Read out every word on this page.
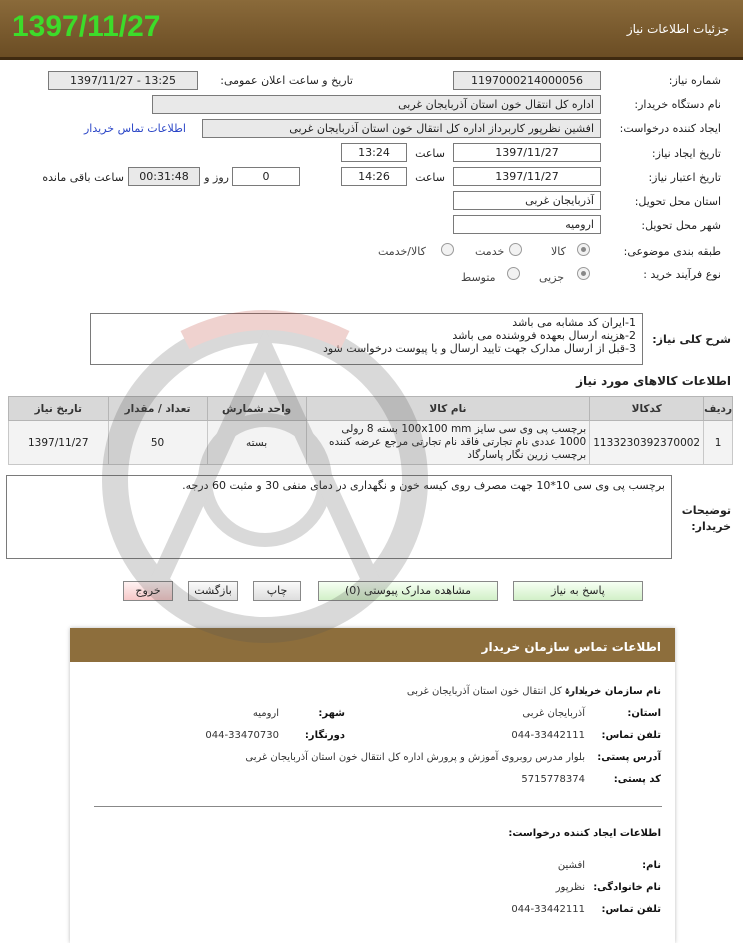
1397/11/27	جزئیات اطلاعات نیاز
شماره نیاز:
1197000214000056
تاریخ و ساعت اعلان عمومی:
1397/11/27 - 13:25
نام دستگاه خریدار:
اداره کل انتقال خون استان آذربایجان غربی
ایجاد کننده درخواست:
افشین نظرپور کاربرداز اداره کل انتقال خون استان آذربایجان غربی
اطلاعات تماس خریدار
تاریخ ایجاد نیاز:
1397/11/27
ساعت
13:24
تاریخ اعتبار نیاز:
1397/11/27
ساعت
14:26
0
روز و
00:31:48
ساعت باقی مانده
استان محل تحویل:
آذربایجان غربی
شهر محل تحویل:
ارومیه
طبقه بندی موضوعی:
کالا
خدمت
کالا/خدمت
نوع فرآیند خرید :
جزیی
متوسط
شرح کلی نیاز:
1-ایران کد مشابه می باشد
2-هزینه ارسال بعهده فروشنده می باشد
3-قبل از ارسال مدارک جهت تایید ارسال و یا پیوست درخواست شود
اطلاعات کالاهای مورد نیاز
ردیف	کدکالا	نام کالا	واحد شمارش	تعداد / مقدار	تاریخ نیاز
1	1133230392370002	برچسب پی وی سی سایز 100x100 mm بسته 8 رولی
1000 عددی نام تجارتی فاقد نام تجارتی مرجع عرضه کننده
برچسب زرین نگار پاسارگاد	بسته	50	1397/11/27
توضیحات خریدار:
برچسب پی وی سی 10*10 جهت مصرف روی کیسه خون و نگهداری در دمای منفی 30 و مثبت 60 درجه.
پاسخ به نیاز
مشاهده مدارک پیوستی (0)
چاپ
بازگشت
خروج
اطلاعات تماس سازمان خریدار
نام سازمان خریدار:
اداره کل انتقال خون استان آذربایجان غربی
استان:
آذربایجان غربی
شهر:
ارومیه
تلفن تماس:
044-33442111
دورنگار:
044-33470730
آدرس پستی:
بلوار مدرس روبروی آموزش و پرورش اداره کل انتقال خون استان آذربایجان غربی
کد پستی:
5715778374
اطلاعات ایجاد کننده درخواست:
نام:
افشین
نام خانوادگی:
نظرپور
تلفن تماس:
044-33442111
